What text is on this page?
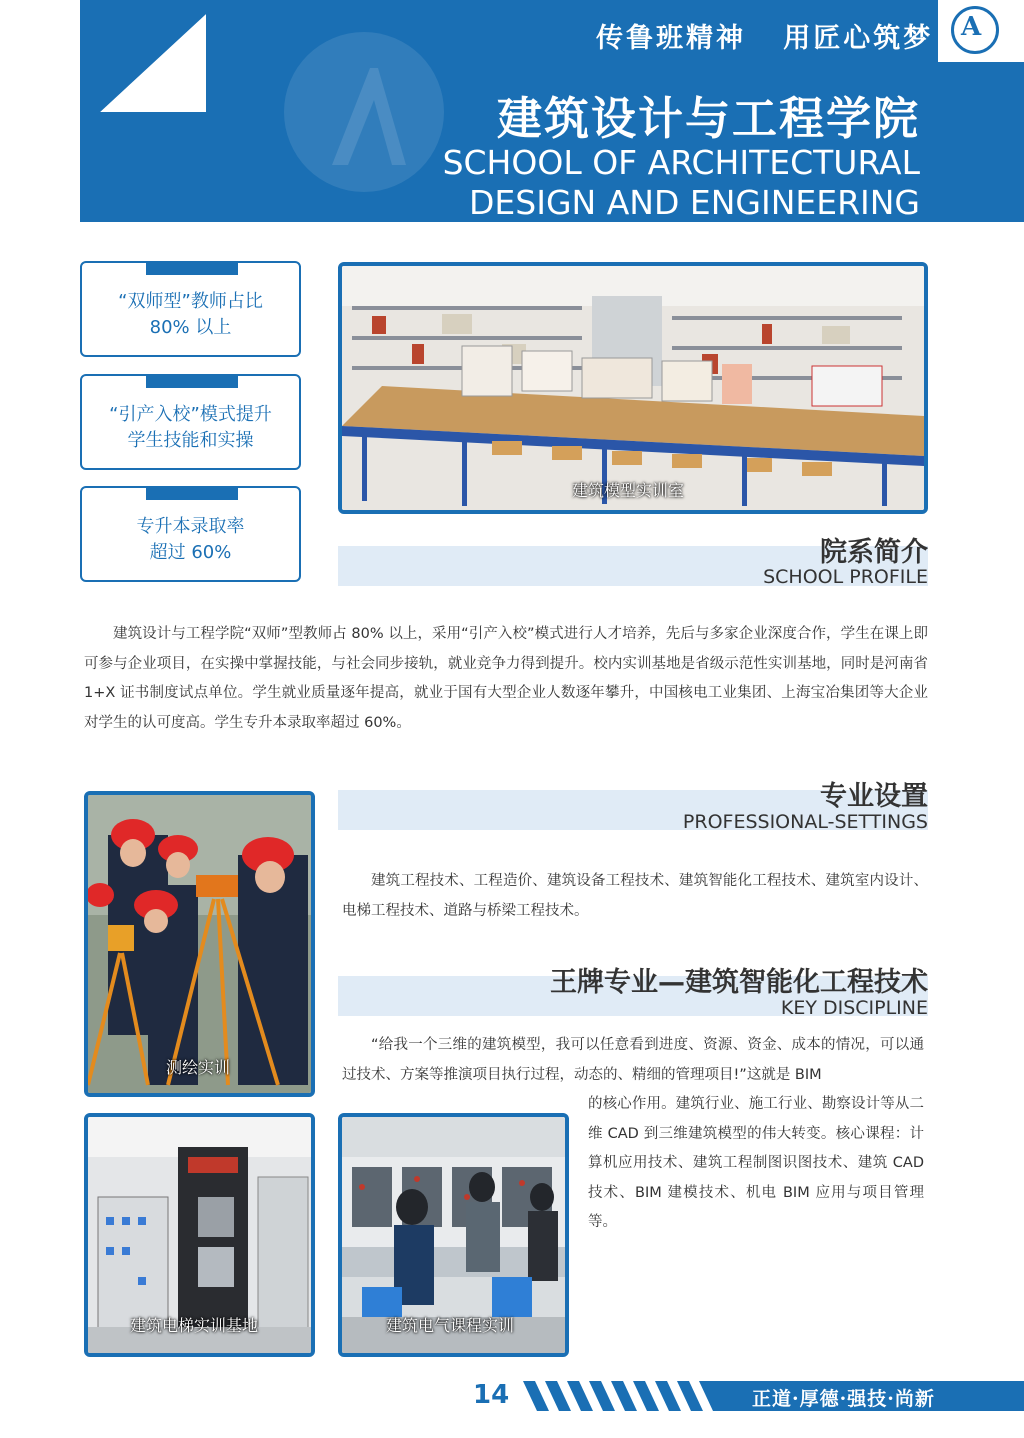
A
传鲁班精神   用匠心筑梦
建筑设计与工程学院
SCHOOL OF ARCHITECTURAL
DESIGN AND ENGINEERING
“双师型”教师占比
80% 以上
“引产入校”模式提升
学生技能和实操
专升本录取率
超过 60%
建筑模型实训室
院系简介
SCHOOL PROFILE
建筑设计与工程学院“双师”型教师占 80% 以上，采用“引产入校”模式进行人才培养，先后与多家企业深度合作，学生在课上即可参与企业项目，在实操中掌握技能，与社会同步接轨，就业竞争力得到提升。校内实训基地是省级示范性实训基地，同时是河南省 1+X 证书制度试点单位。学生就业质量逐年提高，就业于国有大型企业人数逐年攀升，中国核电工业集团、上海宝冶集团等大企业对学生的认可度高。学生专升本录取率超过 60%。
测绘实训
专业设置
PROFESSIONAL-SETTINGS
建筑工程技术、工程造价、建筑设备工程技术、建筑智能化工程技术、建筑室内设计、电梯工程技术、道路与桥梁工程技术。
王牌专业—建筑智能化工程技术
KEY DISCIPLINE
“给我一个三维的建筑模型，我可以任意看到进度、资源、资金、成本的情况，可以通过技术、方案等推演项目执行过程，动态的、精细的管理项目!”这就是 BIM
的核心作用。建筑行业、施工行业、勘察设计等从二维 CAD 到三维建筑模型的伟大转变。核心课程：计算机应用技术、建筑工程制图识图技术、建筑 CAD 技术、BIM 建模技术、机电 BIM 应用与项目管理等。
建筑电梯实训基地	建筑电气课程实训
14	正道·厚德·强技·尚新
